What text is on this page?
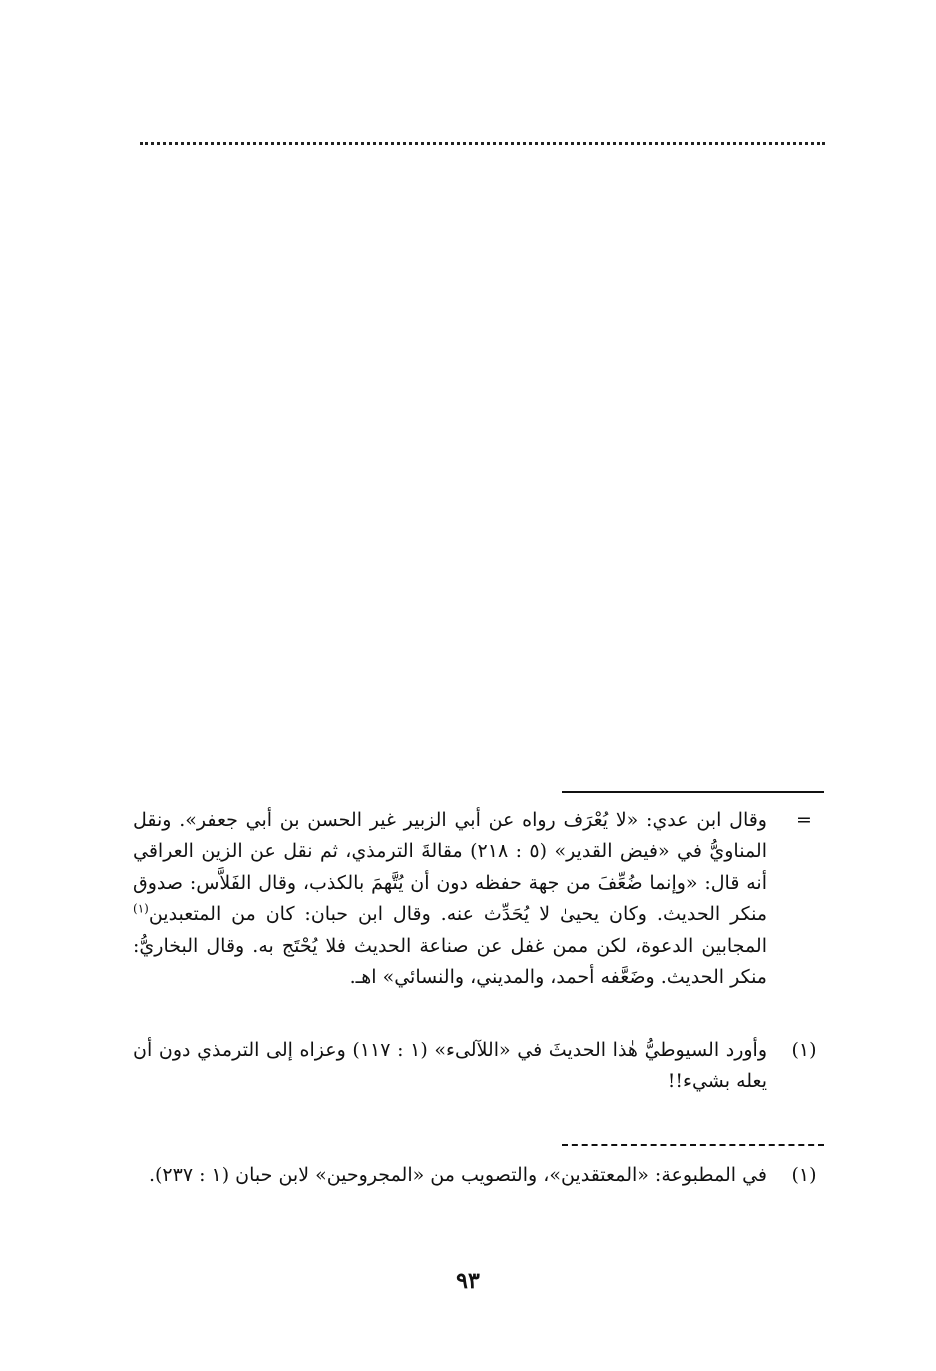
=
وقال ابن عدي: «لا يُعْرَف رواه عن أبي الزبير غير الحسن بن أبي جعفر». ونقل المناويُّ في «فيض القدير» (٥ : ٢١٨) مقالةَ الترمذي، ثم نقل عن الزين العراقي أنه قال: «وإنما ضُعِّفَ من جهة حفظه دون أن يُتَّهمَ بالكذب، وقال الفَلاَّس: صدوق منكر الحديث. وكان يحيىٰ لا يُحَدِّث عنه. وقال ابن حبان: كان من المتعبدين$^{(١)}$ المجابين الدعوة، لكن ممن غفل عن صناعة الحديث فلا يُحْتَج به. وقال البخاريُّ: منكر الحديث. وضَعَّفه أحمد، والمديني، والنسائي» اهـ.
(١)
وأورد السيوطيُّ هٰذا الحديثَ في «اللآلىء» (١ : ١١٧) وعزاه إلى الترمذي دون أن يعله بشيء!!
(١)
في المطبوعة: «المعتقدين»، والتصويب من «المجروحين» لابن حبان (١ : ٢٣٧).
٩٣
